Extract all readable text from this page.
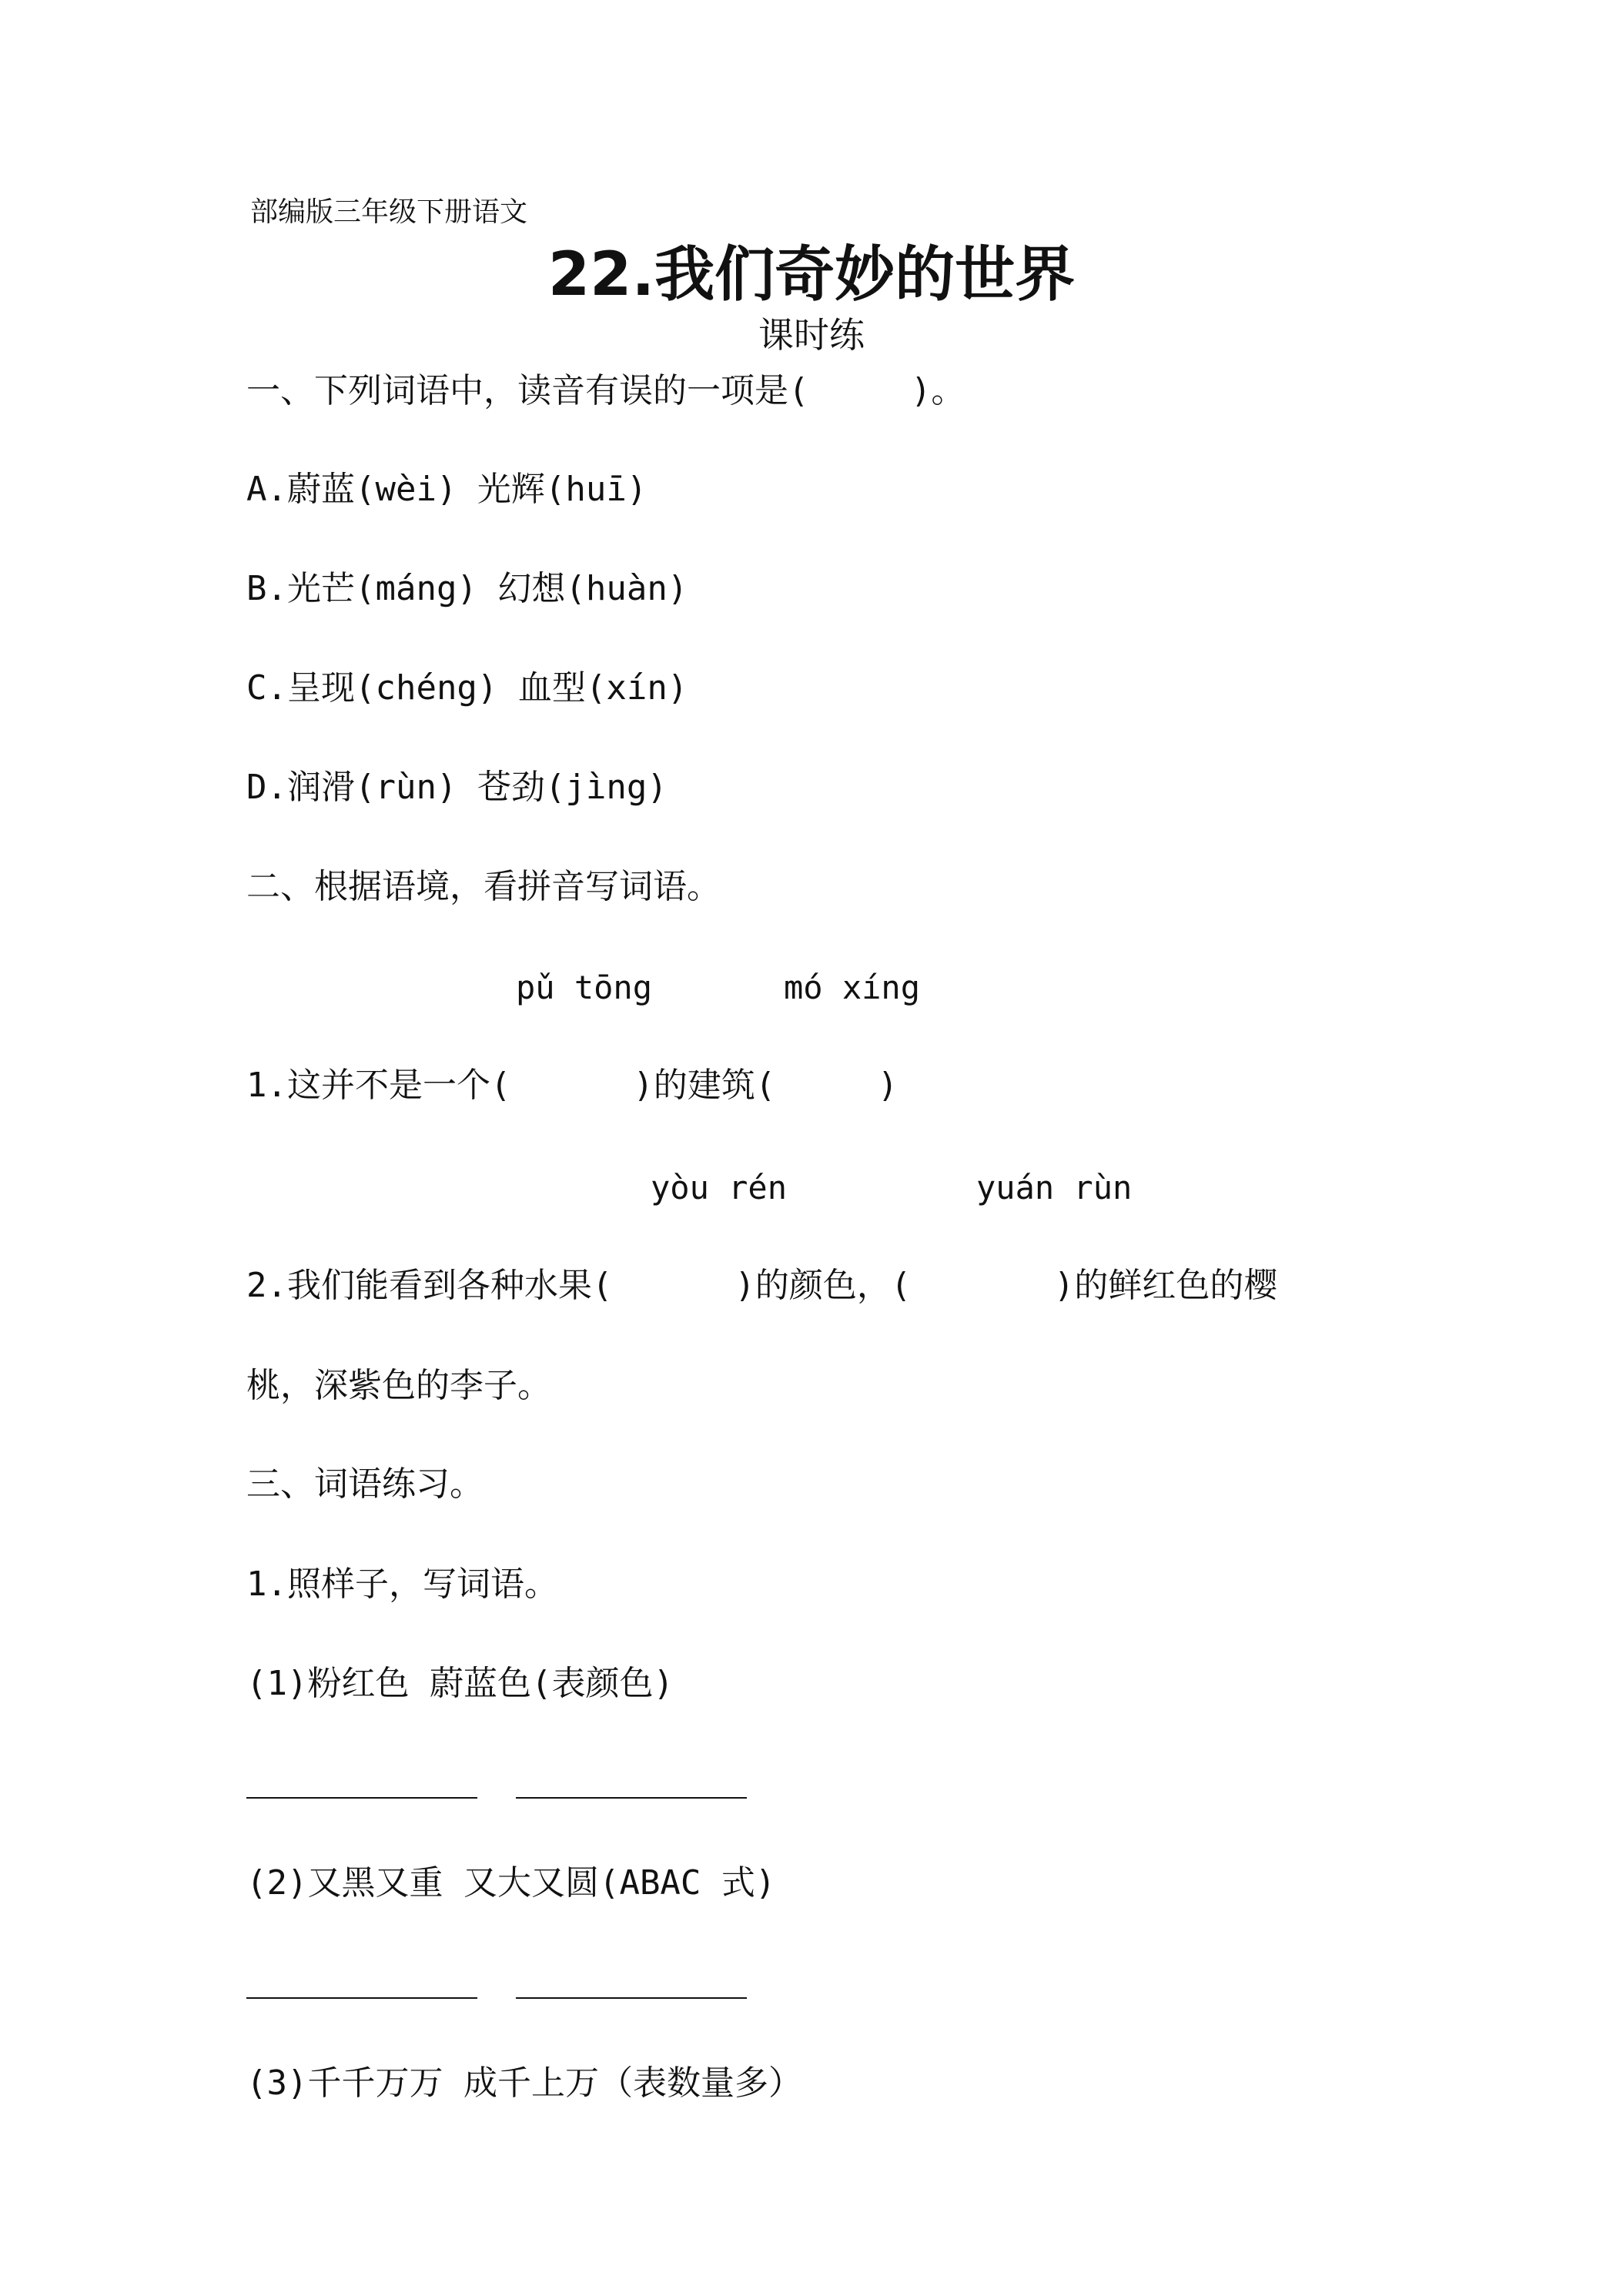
部编版三年级下册语文
22.我们奇妙的世界
课时练
一、下列词语中，读音有误的一项是(     )。
A.蔚蓝(wèi) 光辉(huī)
B.光芒(máng) 幻想(huàn)
C.呈现(chéng) 血型(xín)
D.润滑(rùn) 苍劲(jìng)
二、根据语境，看拼音写词语。
pǔ tōng	mó xíng
1.这并不是一个(      )的建筑(     )
yòu rén	yuán rùn
2.我们能看到各种水果(      )的颜色，(       )的鲜红色的樱
桃，深紫色的李子。
三、词语练习。
1.照样子，写词语。
(1)粉红色 蔚蓝色(表颜色)
(2)又黑又重 又大又圆(ABAC 式)
(3)千千万万 成千上万（表数量多）
